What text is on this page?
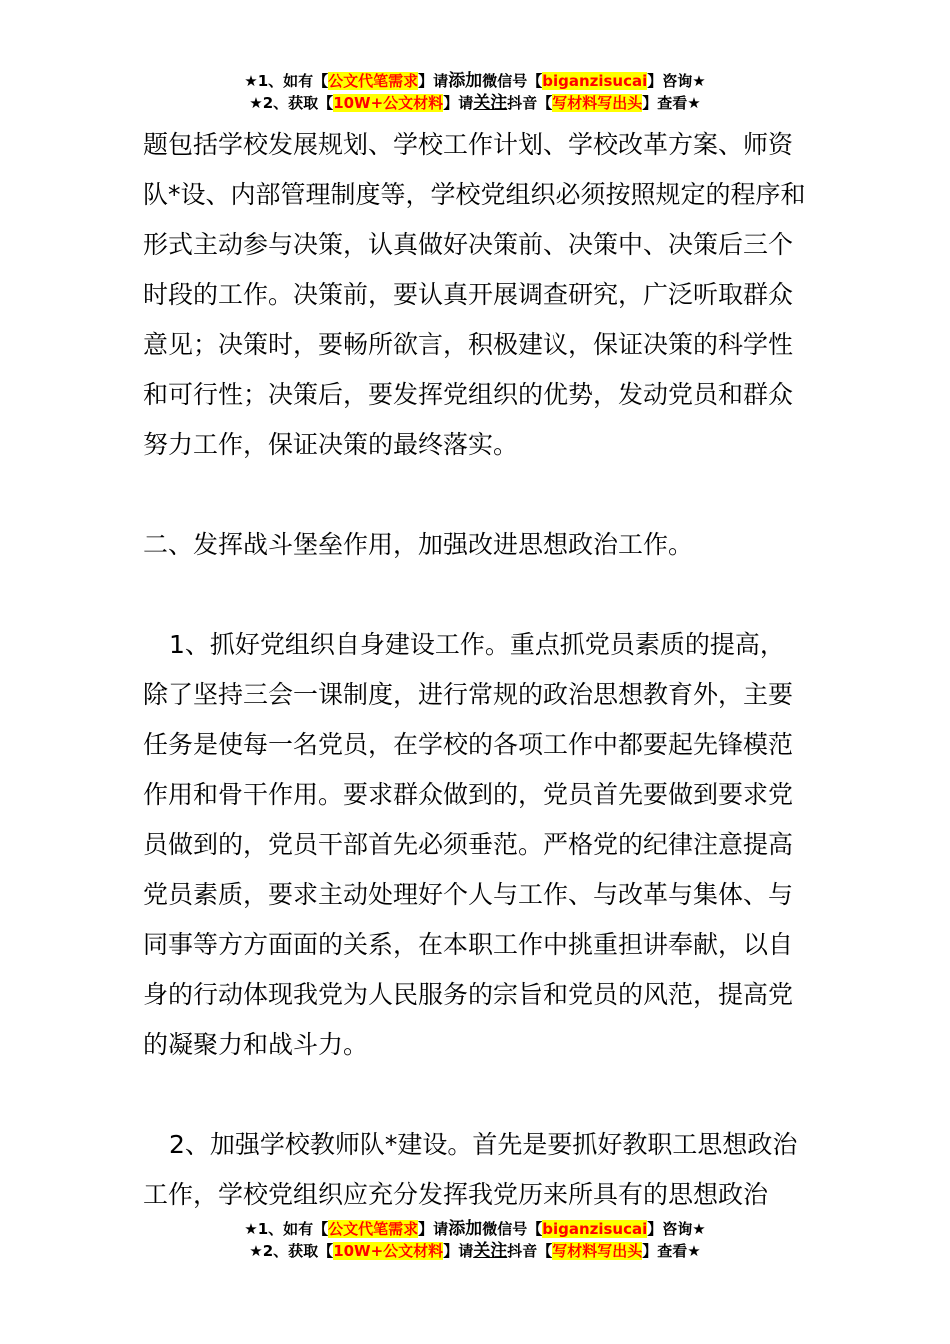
★1、如有【公文代笔需求】请添加微信号【biganzisucai】咨询★
★2、获取【10W+公文材料】请关注抖音【写材料写出头】查看★

题包括学校发展规划、学校工作计划、学校改革方案、师资队*设、内部管理制度等，学校党组织必须按照规定的程序和形式主动参与决策，认真做好决策前、决策中、决策后三个时段的工作。决策前，要认真开展调查研究，广泛听取群众意见；决策时，要畅所欲言，积极建议，保证决策的科学性和可行性；决策后，要发挥党组织的优势，发动党员和群众努力工作，保证决策的最终落实。

二、发挥战斗堡垒作用，加强改进思想政治工作。

1、抓好党组织自身建设工作。重点抓党员素质的提高，除了坚持三会一课制度，进行常规的政治思想教育外，主要任务是使每一名党员，在学校的各项工作中都要起先锋模范作用和骨干作用。要求群众做到的，党员首先要做到要求党员做到的，党员干部首先必须垂范。严格党的纪律注意提高党员素质，要求主动处理好个人与工作、与改革与集体、与同事等方方面面的关系，在本职工作中挑重担讲奉献，以自身的行动体现我党为人民服务的宗旨和党员的风范，提高党的凝聚力和战斗力。

2、加强学校教师队*建设。首先是要抓好教职工思想政治工作，学校党组织应充分发挥我党历来所具有的思想政治

★1、如有【公文代笔需求】请添加微信号【biganzisucai】咨询★
★2、获取【10W+公文材料】请关注抖音【写材料写出头】查看★
